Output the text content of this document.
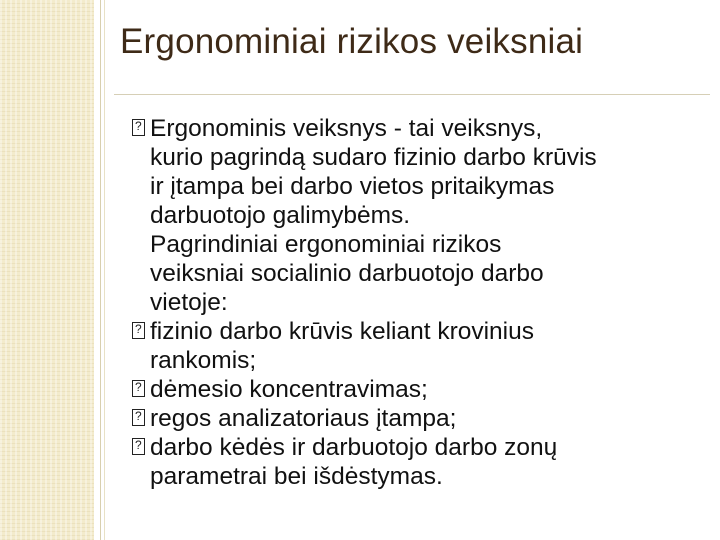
Ergonominiai rizikos veiksniai
?
Ergonominis veiksnys - tai veiksnys,
kurio pagrindą sudaro fizinio darbo krūvis
ir įtampa bei darbo vietos pritaikymas
darbuotojo galimybėms.
Pagrindiniai ergonominiai rizikos
veiksniai socialinio darbuotojo darbo
vietoje:
?
fizinio darbo krūvis keliant krovinius
rankomis;
?
dėmesio koncentravimas;
?
regos analizatoriaus įtampa;
?
darbo kėdės ir darbuotojo darbo zonų
parametrai bei išdėstymas.
